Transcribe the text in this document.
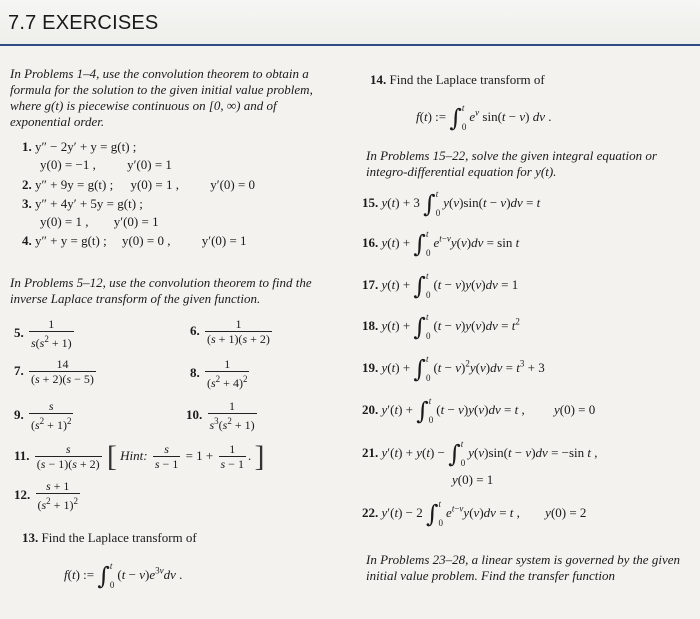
7.7 EXERCISES
In Problems 1–4, use the convolution theorem to obtain a formula for the solution to the given initial value problem, where g(t) is piecewise continuous on [0, ∞) and of exponential order.
1. y″ − 2y′ + y = g(t) ;
y(0) = −1 , y′(0) = 1
2. y″ + 9y = g(t) ; y(0) = 1 , y′(0) = 0
3. y″ + 4y′ + 5y = g(t) ;
y(0) = 1 , y′(0) = 1
4. y″ + y = g(t) ; y(0) = 0 , y′(0) = 1
In Problems 5–12, use the convolution theorem to find the inverse Laplace transform of the given function.
5. $\frac{1}{s(s^2 + 1)}$	6. $\frac{1}{(s + 1)(s + 2)}$
7. $\frac{14}{(s + 2)(s - 5)}$	8. $\frac{1}{(s^2 + 4)^2}$
9. $\frac{s}{(s^2 + 1)^2}$	10. $\frac{1}{s^3(s^2 + 1)}$
11. $\frac{s}{(s - 1)(s + 2)}$ [ Hint: $\frac{s}{s - 1} = 1 + \frac{1}{s - 1}$ . ]
12. $\frac{s + 1}{(s^2 + 1)^2}$
13. Find the Laplace transform of
f(t) := ∫ t
0
$(t - v)e^{3v}dv$ .
14. Find the Laplace transform of
f(t) := ∫ t
0
$e^v$ sin(t − v) dv .
In Problems 15–22, solve the given integral equation or integro-differential equation for y(t).
15. y(t) + 3 ∫ t
0
y(v)sin(t − v)dv = t
16. y(t) + ∫ t
0
$e^{t-v}y(v)dv = \sin t$
17. y(t) + ∫ t
0
(t − v)y(v)dv = 1
18. y(t) + ∫ t
0
$(t - v)y(v)dv = t^2$
19. y(t) + ∫ t
0
$(t - v)^2y(v)dv = t^3 + 3$
20. y′(t) + ∫ t
0
(t − v)y(v)dv = t , y(0) = 0
21. y′(t) + y(t) − ∫ t
0
y(v)sin(t − v)dv = −sin t ,
y(0) = 1
22. y′(t) − 2 ∫ t
0
$e^{t-v}y(v)dv = t$ , y(0) = 2
In Problems 23–28, a linear system is governed by the given initial value problem. Find the transfer function
